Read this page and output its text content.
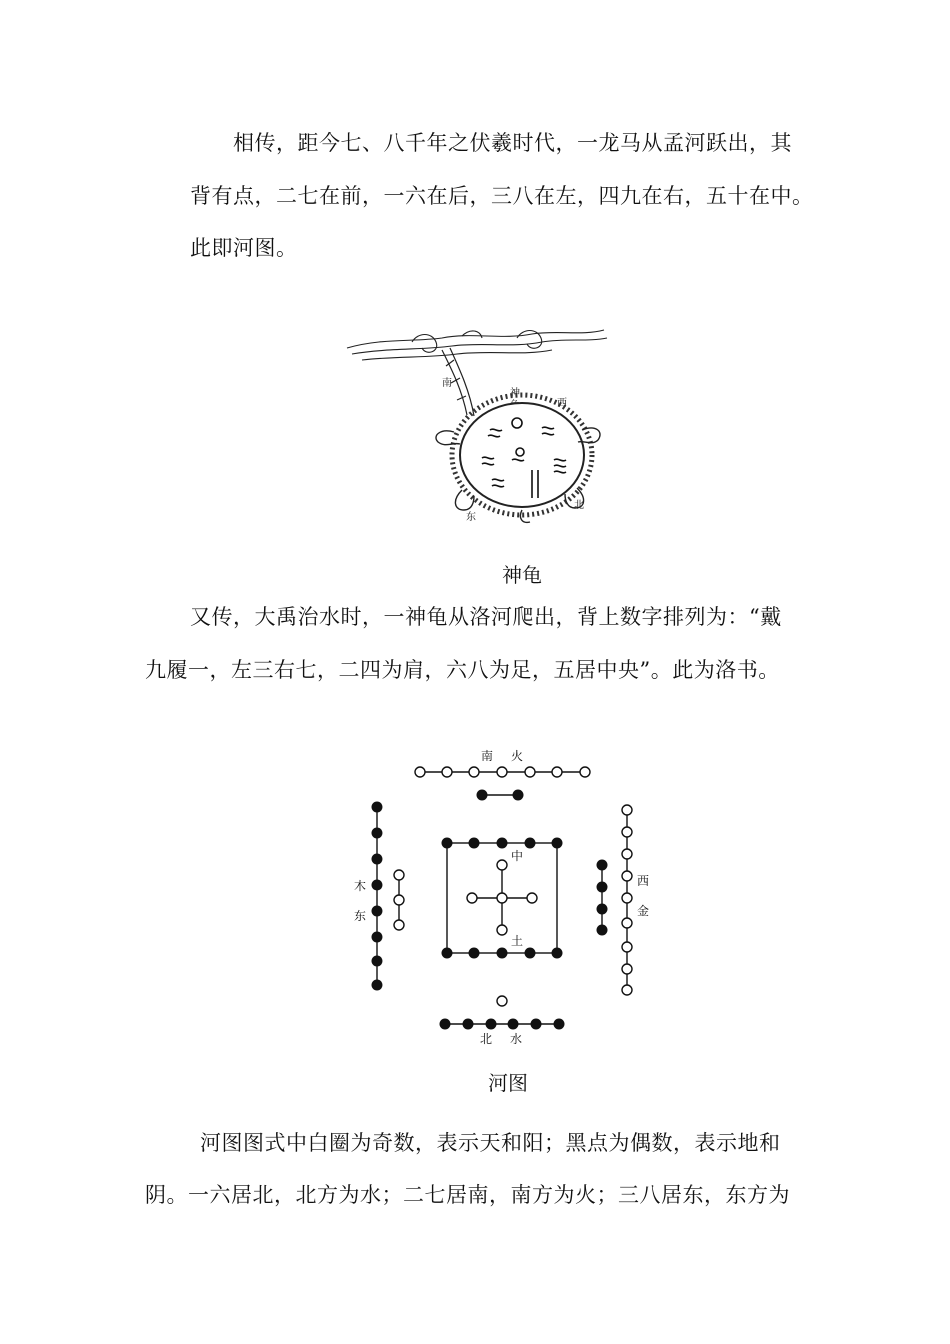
相传，距今七、八千年之伏羲时代，一龙马从孟河跃出，其

背有点，二七在前，一六在后，三八在左，四九在右，五十在中。

此即河图。

南
神
西
东
北

神龟

又传，大禹治水时，一神龟从洛河爬出，背上数字排列为：“戴

九履一，左三右七，二四为肩，六八为足，五居中央”。此为洛书。

南 火
北 水
木
东
西
金
中
土

河图

河图图式中白圈为奇数，表示天和阳；黑点为偶数，表示地和

阴。一六居北，北方为水；二七居南，南方为火；三八居东，东方为
